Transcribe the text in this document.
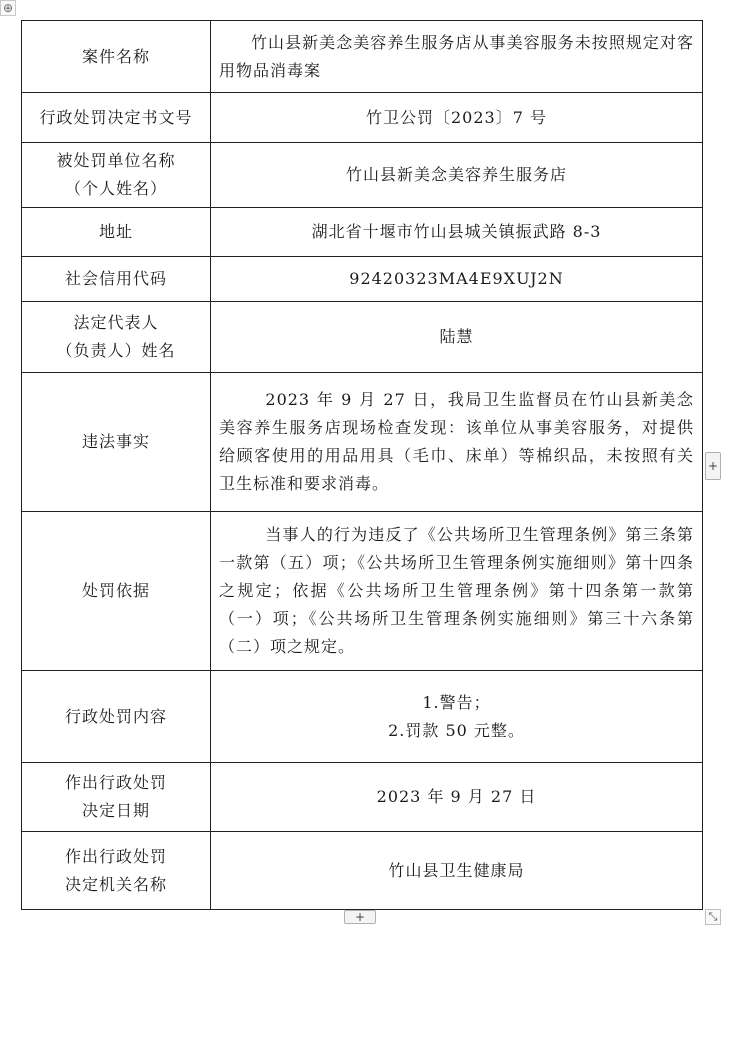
⊕
案件名称	竹山县新美念美容养生服务店从事美容服务未按照规定对客用物品消毒案
行政处罚决定书文号	竹卫公罚〔2023〕7 号

被处罚单位名称
（个人姓名）	竹山县新美念美容养生服务店
地址	湖北省十堰市竹山县城关镇振武路 8-3
社会信用代码	92420323MA4E9XUJ2N

法定代表人
（负责人）姓名	陆慧
违法事实	2023 年 9 月 27 日，我局卫生监督员在竹山县新美念美容养生服务店现场检查发现：该单位从事美容服务，对提供给顾客使用的用品用具（毛巾、床单）等棉织品，未按照有关卫生标准和要求消毒。
处罚依据	当事人的行为违反了《公共场所卫生管理条例》第三条第一款第（五）项；《公共场所卫生管理条例实施细则》第十四条之规定；依据《公共场所卫生管理条例》第十四条第一款第（一）项；《公共场所卫生管理条例实施细则》第三十六条第（二）项之规定。
行政处罚内容	1.警告；
2.罚款 50 元整。

作出行政处罚
决定日期	2023 年 9 月 27 日

作出行政处罚
决定机关名称	竹山县卫生健康局
+
+	⤡
